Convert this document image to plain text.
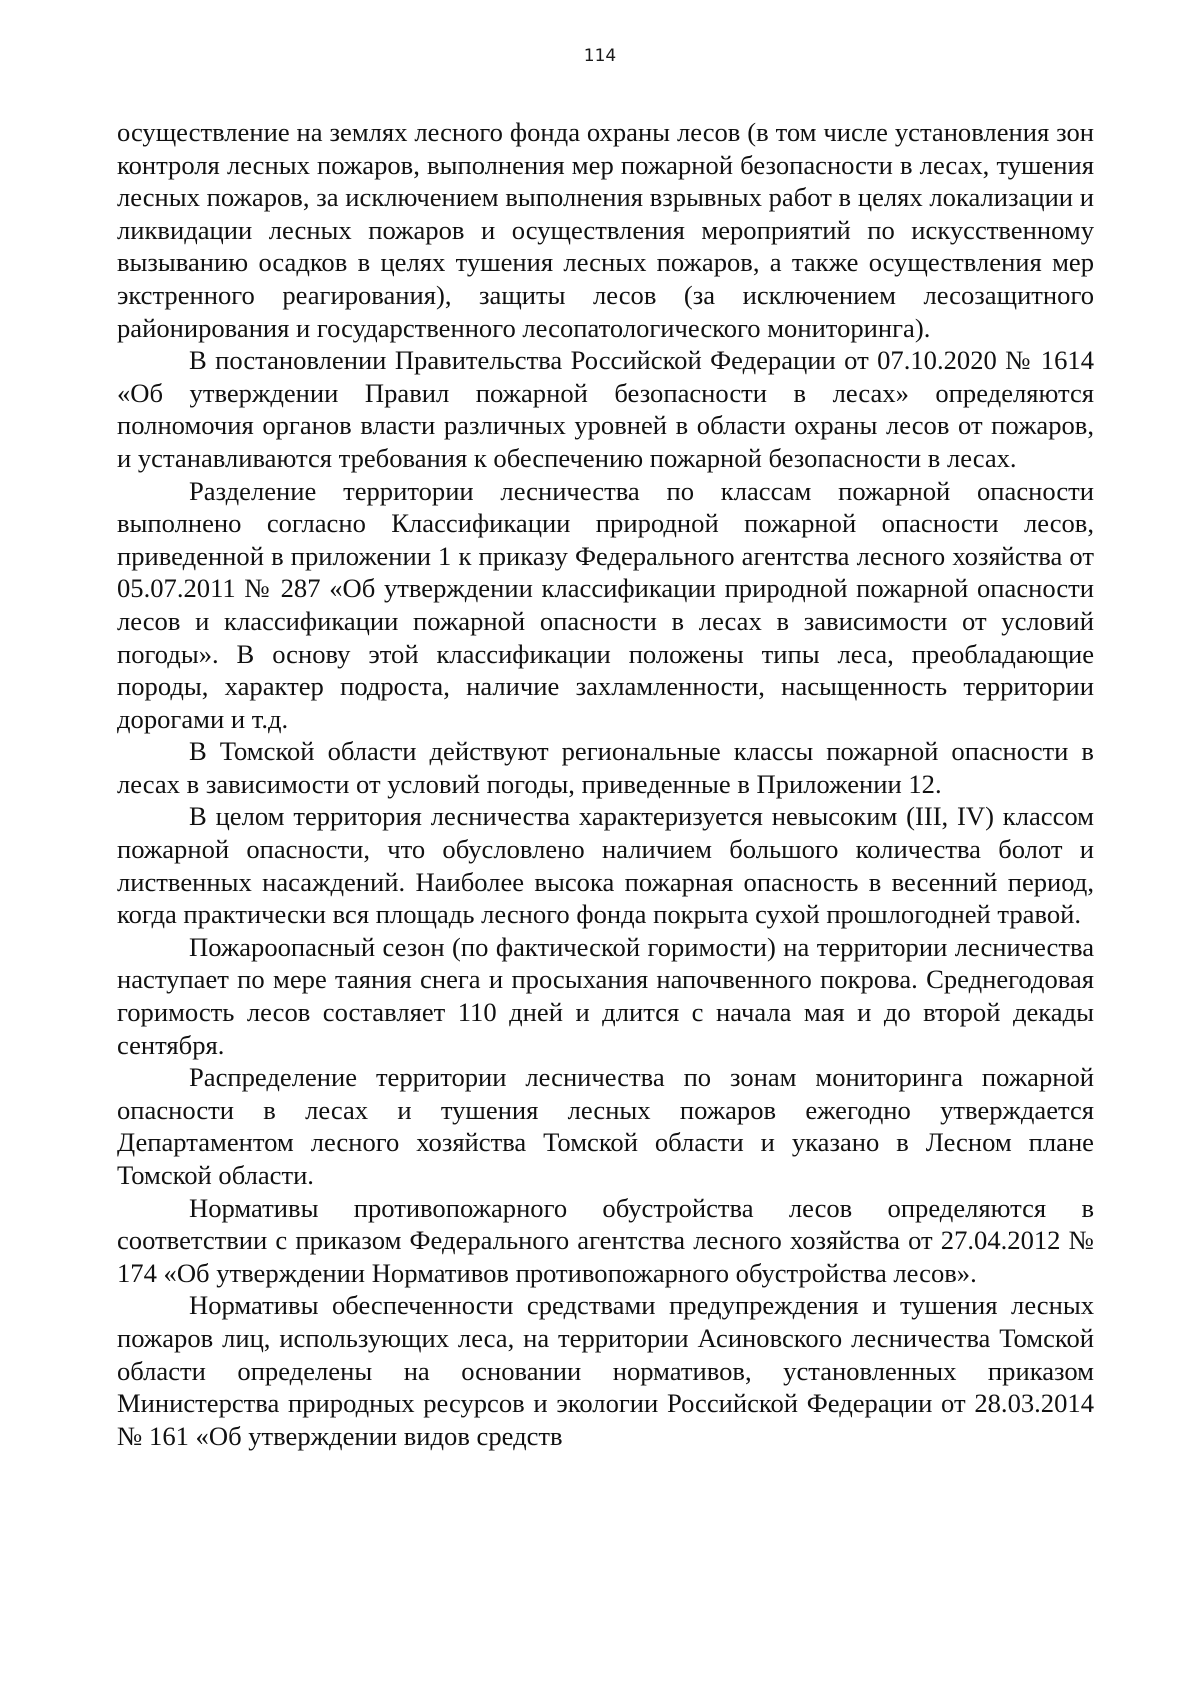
114

осуществление на землях лесного фонда охраны лесов (в том числе установления зон контроля лесных пожаров, выполнения мер пожарной безопасности в лесах, тушения лесных пожаров, за исключением выполнения взрывных работ в целях локализации и ликвидации лесных пожаров и осуществления мероприятий по искусственному вызыванию осадков в целях тушения лесных пожаров, а также осуществления мер экстренного реагирования), защиты лесов (за исключением лесозащитного районирования и государственного лесопатологического мониторинга).

В постановлении Правительства Российской Федерации от 07.10.2020 № 1614 «Об утверждении Правил пожарной безопасности в лесах» определяются полномочия органов власти различных уровней в области охраны лесов от пожаров, и устанавливаются требования к обеспечению пожарной безопасности в лесах.

Разделение территории лесничества по классам пожарной опасности выполнено согласно Классификации природной пожарной опасности лесов, приведенной в приложении 1 к приказу Федерального агентства лесного хозяйства от 05.07.2011 № 287 «Об утверждении классификации природной пожарной опасности лесов и классификации пожарной опасности в лесах в зависимости от условий погоды». В основу этой классификации положены типы леса, преобладающие породы, характер подроста, наличие захламленности, насыщенность территории дорогами и т.д.

В Томской области действуют региональные классы пожарной опасности в лесах в зависимости от условий погоды, приведенные в Приложении 12.

В целом территория лесничества характеризуется невысоким (III, IV) классом пожарной опасности, что обусловлено наличием большого количества болот и лиственных насаждений. Наиболее высока пожарная опасность в весенний период, когда практически вся площадь лесного фонда покрыта сухой прошлогодней травой.

Пожароопасный сезон (по фактической горимости) на территории лесничества наступает по мере таяния снега и просыхания напочвенного покрова. Среднегодовая горимость лесов составляет 110 дней и длится с начала мая и до второй декады сентября.

Распределение территории лесничества по зонам мониторинга пожарной опасности в лесах и тушения лесных пожаров ежегодно утверждается Департаментом лесного хозяйства Томской области и указано в Лесном плане Томской области.

Нормативы противопожарного обустройства лесов определяются в соответствии с приказом Федерального агентства лесного хозяйства от 27.04.2012 № 174 «Об утверждении Нормативов противопожарного обустройства лесов».

Нормативы обеспеченности средствами предупреждения и тушения лесных пожаров лиц, использующих леса, на территории Асиновского лесничества Томской области определены на основании нормативов, установленных приказом Министерства природных ресурсов и экологии Российской Федерации от 28.03.2014 № 161 «Об утверждении видов средств
